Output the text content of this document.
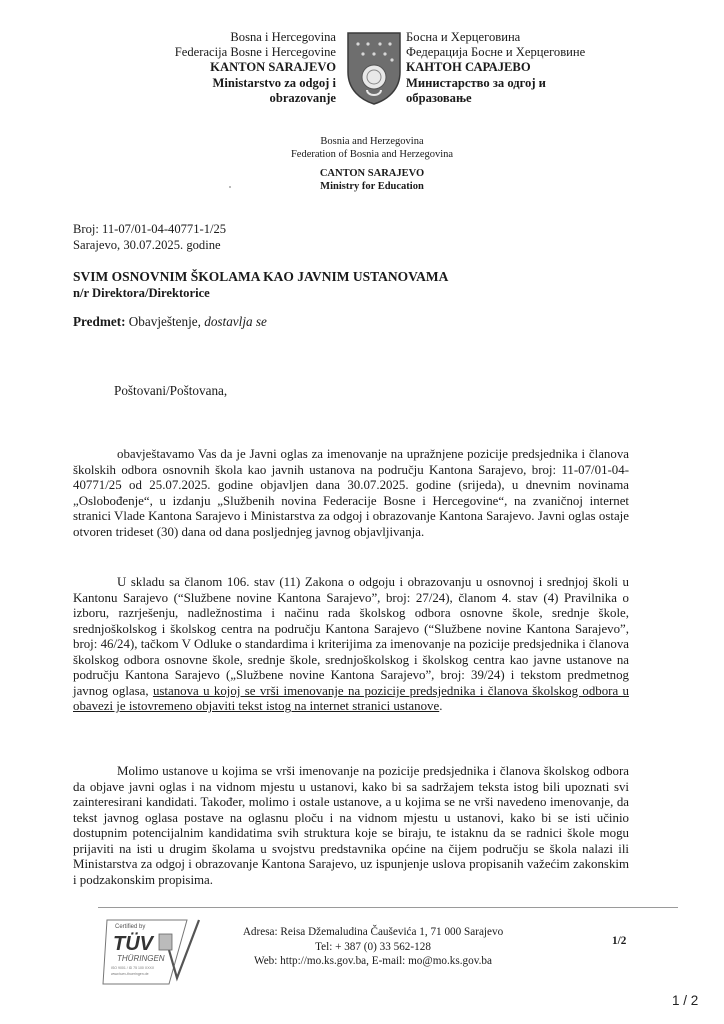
Bosna i Hercegovina
Federacija Bosne i Hercegovine
KANTON SARAJEVO
Ministarstvo za odgoj i
obrazovanje
Босна и Херцеговина
Федерација Босне и Херцеговине
КАНТОН САРАЈЕВО
Министарство за одгој и
образовање
Bosnia and Herzegovina
Federation of Bosnia and Herzegovina
CANTON SARAJEVO
Ministry for Education
Broj: 11-07/01-04-40771-1/25
Sarajevo, 30.07.2025. godine
SVIM OSNOVNIM ŠKOLAMA KAO JAVNIM USTANOVAMA
n/r Direktora/Direktorice
Predmet: Obavještenje, dostavlja se
Poštovani/Poštovana,
obavještavamo Vas da je Javni oglas za imenovanje na upražnjene pozicije predsjednika i članova školskih odbora osnovnih škola kao javnih ustanova na području Kantona Sarajevo, broj: 11-07/01-04-40771/25 od 25.07.2025. godine objavljen dana 30.07.2025. godine (srijeda), u dnevnim novinama „Oslobođenje“, u izdanju „Službenih novina Federacije Bosne i Hercegovine“, na zvaničnoj internet stranici Vlade Kantona Sarajevo i Ministarstva za odgoj i obrazovanje Kantona Sarajevo. Javni oglas ostaje otvoren trideset (30) dana od dana posljednjeg javnog objavljivanja.
U skladu sa članom 106. stav (11) Zakona o odgoju i obrazovanju u osnovnoj i srednjoj školi u Kantonu Sarajevo (“Službene novine Kantona Sarajevo”, broj: 27/24), članom 4. stav (4) Pravilnika o izboru, razrješenju, nadležnostima i načinu rada školskog odbora osnovne škole, srednje škole, srednjoškolskog i školskog centra na području Kantona Sarajevo (“Službene novine Kantona Sarajevo”, broj: 46/24), tačkom V Odluke o standardima i kriterijima za imenovanje na pozicije predsjednika i članova školskog odbora osnovne škole, srednje škole, srednjoškolskog i školskog centra kao javne ustanove na području Kantona Sarajevo („Službene novine Kantona Sarajevo”, broj: 39/24) i tekstom predmetnog javnog oglasa, ustanova u kojoj se vrši imenovanje na pozicije predsjednika i članova školskog odbora u obavezi je istovremeno objaviti tekst istog na internet stranici ustanove.
Molimo ustanove u kojima se vrši imenovanje na pozicije predsjednika i članova školskog odbora da objave javni oglas i na vidnom mjestu u ustanovi, kako bi sa sadržajem teksta istog bili upoznati svi zainteresirani kandidati. Također, molimo i ostale ustanove, a u kojima se ne vrši navedeno imenovanje, da tekst javnog oglasa postave na oglasnu ploču i na vidnom mjestu u ustanovi, kako bi se isti učinio dostupnim potencijalnim kandidatima svih struktura koje se biraju, te istaknu da se radnici škole mogu prijaviti na isti u drugim školama u svojstvu predstavnika općine na čijem području se škola nalazi ili Ministarstva za odgoj i obrazovanje Kantona Sarajevo, uz ispunjenje uslova propisanih važećim zakonskim i podzakonskim propisima.
Certified by
TÜV
THÜRINGEN
ISO 9001 / ID 75 100 XXXX
www.tuev-thueringen.de
Adresa: Reisa Džemaludina Čauševića 1, 71 000 Sarajevo
Tel: + 387 (0) 33 562-128
Web: http://mo.ks.gov.ba, E-mail: mo@mo.ks.gov.ba
1/2
1 / 2
